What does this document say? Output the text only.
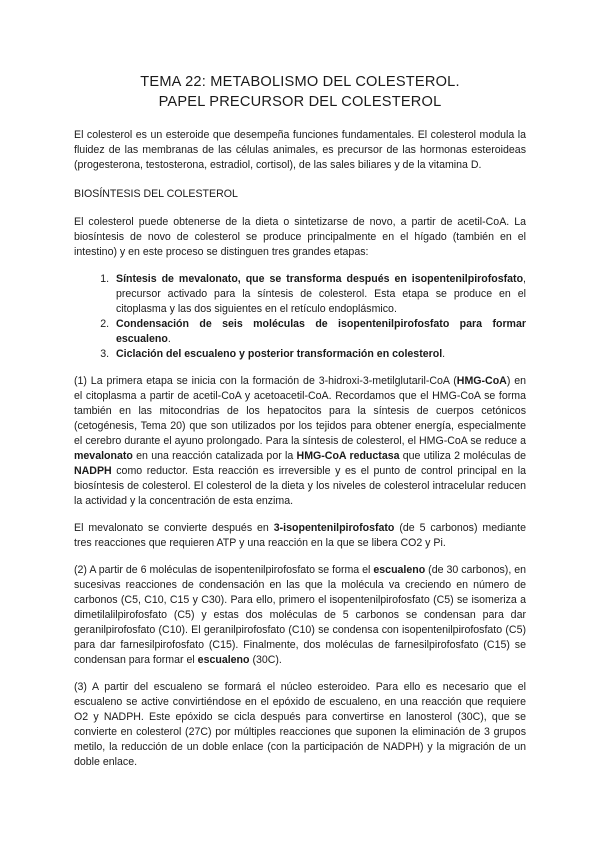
TEMA 22: METABOLISMO DEL COLESTEROL.
PAPEL PRECURSOR DEL COLESTEROL

El colesterol es un esteroide que desempeña funciones fundamentales. El colesterol modula la fluidez de las membranas de las células animales, es precursor de las hormonas esteroideas (progesterona, testosterona, estradiol, cortisol), de las sales biliares y de la vitamina D.

BIOSÍNTESIS DEL COLESTEROL

El colesterol puede obtenerse de la dieta o sintetizarse de novo, a partir de acetil-CoA. La biosíntesis de novo de colesterol se produce principalmente en el hígado (también en el intestino) y en este proceso se distinguen tres grandes etapas:

1. Síntesis de mevalonato, que se transforma después en isopentenilpirofosfato, precursor activado para la síntesis de colesterol. Esta etapa se produce en el citoplasma y las dos siguientes en el retículo endoplásmico.
2. Condensación de seis moléculas de isopentenilpirofosfato para formar escualeno.
3. Ciclación del escualeno y posterior transformación en colesterol.

(1) La primera etapa se inicia con la formación de 3-hidroxi-3-metilglutaril-CoA (HMG-CoA) en el citoplasma a partir de acetil-CoA y acetoacetil-CoA. Recordamos que el HMG-CoA se forma también en las mitocondrias de los hepatocitos para la síntesis de cuerpos cetónicos (cetogénesis, Tema 20) que son utilizados por los tejidos para obtener energía, especialmente el cerebro durante el ayuno prolongado. Para la síntesis de colesterol, el HMG-CoA se reduce a mevalonato en una reacción catalizada por la HMG-CoA reductasa que utiliza 2 moléculas de NADPH como reductor. Esta reacción es irreversible y es el punto de control principal en la biosíntesis de colesterol. El colesterol de la dieta y los niveles de colesterol intracelular reducen la actividad y la concentración de esta enzima.

El mevalonato se convierte después en 3-isopentenilpirofosfato (de 5 carbonos) mediante tres reacciones que requieren ATP y una reacción en la que se libera CO2 y Pi.

(2) A partir de 6 moléculas de isopentenilpirofosfato se forma el escualeno (de 30 carbonos), en sucesivas reacciones de condensación en las que la molécula va creciendo en número de carbonos (C5, C10, C15 y C30). Para ello, primero el isopentenilpirofosfato (C5) se isomeriza a dimetilalilpirofosfato (C5) y estas dos moléculas de 5 carbonos se condensan para dar geranilpirofosfato (C10). El geranilpirofosfato (C10) se condensa con isopentenilpirofosfato (C5) para dar farnesilpirofosfato (C15). Finalmente, dos moléculas de farnesilpirofosfato (C15) se condensan para formar el escualeno (30C).

(3) A partir del escualeno se formará el núcleo esteroideo. Para ello es necesario que el escualeno se active convirtiéndose en el epóxido de escualeno, en una reacción que requiere O2 y NADPH. Este epóxido se cicla después para convertirse en lanosterol (30C), que se convierte en colesterol (27C) por múltiples reacciones que suponen la eliminación de 3 grupos metilo, la reducción de un doble enlace (con la participación de NADPH) y la migración de un doble enlace.
